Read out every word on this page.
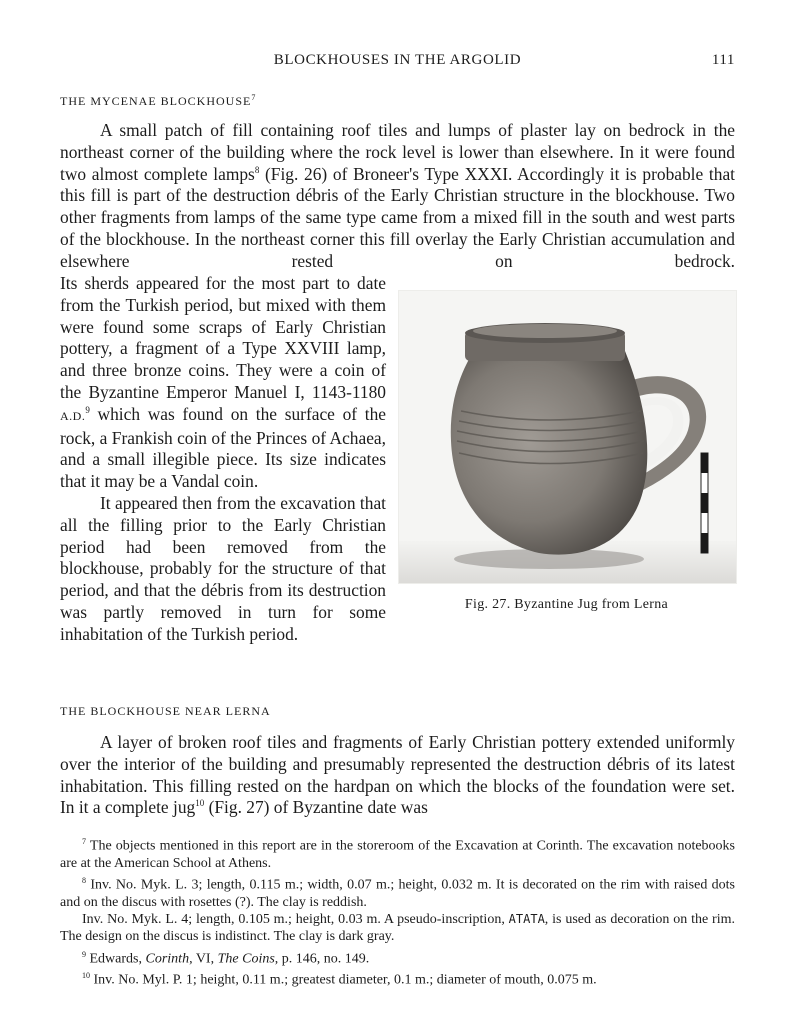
BLOCKHOUSES IN THE ARGOLID	111
THE MYCENAE BLOCKHOUSE$^7$

A small patch of fill containing roof tiles and lumps of plaster lay on bedrock in the northeast corner of the building where the rock level is lower than elsewhere. In it were found two almost complete lamps$^8$ (Fig. 26) of Broneer's Type XXXI. Accordingly it is probable that this fill is part of the destruction débris of the Early Christian structure in the blockhouse. Two other fragments from lamps of the same type came from a mixed fill in the south and west parts of the blockhouse. In the northeast corner this fill overlay the Early Christian accumulation and elsewhere rested on bedrock.

A layer of broken roof tiles and fragments of Early Christian pottery extended uniformly over the interior of the building and presumably represented the destruction débris of its latest inhabitation. This filling rested on the hardpan on which the blocks of the foundation were set. In it a complete jug$^{10}$ (Fig. 27) of Byzantine date was

Fig. 27. Byzantine Jug from Lerna

Its sherds appeared for the most part to date from the Turkish period, but mixed with them were found some scraps of Early Christian pottery, a fragment of a Type XXVIII lamp, and three bronze coins. They were a coin of the Byzantine Emperor Manuel I, 1143-1180 A.D.$^9$ which was found on the surface of the rock, a Frankish coin of the Princes of Achaea, and a small illegible piece. Its size indicates that it may be a Vandal coin.

It appeared then from the excavation that all the filling prior to the Early Christian period had been removed from the blockhouse, probably for the structure of that period, and that the débris from its destruction was partly removed in turn for some inhabitation of the Turkish period.

THE BLOCKHOUSE NEAR LERNA

$^7$ The objects mentioned in this report are in the storeroom of the Excavation at Corinth. The excavation notebooks are at the American School at Athens.

$^8$ Inv. No. Myk. L. 3; length, 0.115 m.; width, 0.07 m.; height, 0.032 m. It is decorated on the rim with raised dots and on the discus with rosettes (?). The clay is reddish.

Inv. No. Myk. L. 4; length, 0.105 m.; height, 0.03 m. A pseudo-inscription, ATATA, is used as decoration on the rim. The design on the discus is indistinct. The clay is dark gray.

$^9$ Edwards, Corinth, VI, The Coins, p. 146, no. 149.

$^{10}$ Inv. No. Myl. P. 1; height, 0.11 m.; greatest diameter, 0.1 m.; diameter of mouth, 0.075 m.
